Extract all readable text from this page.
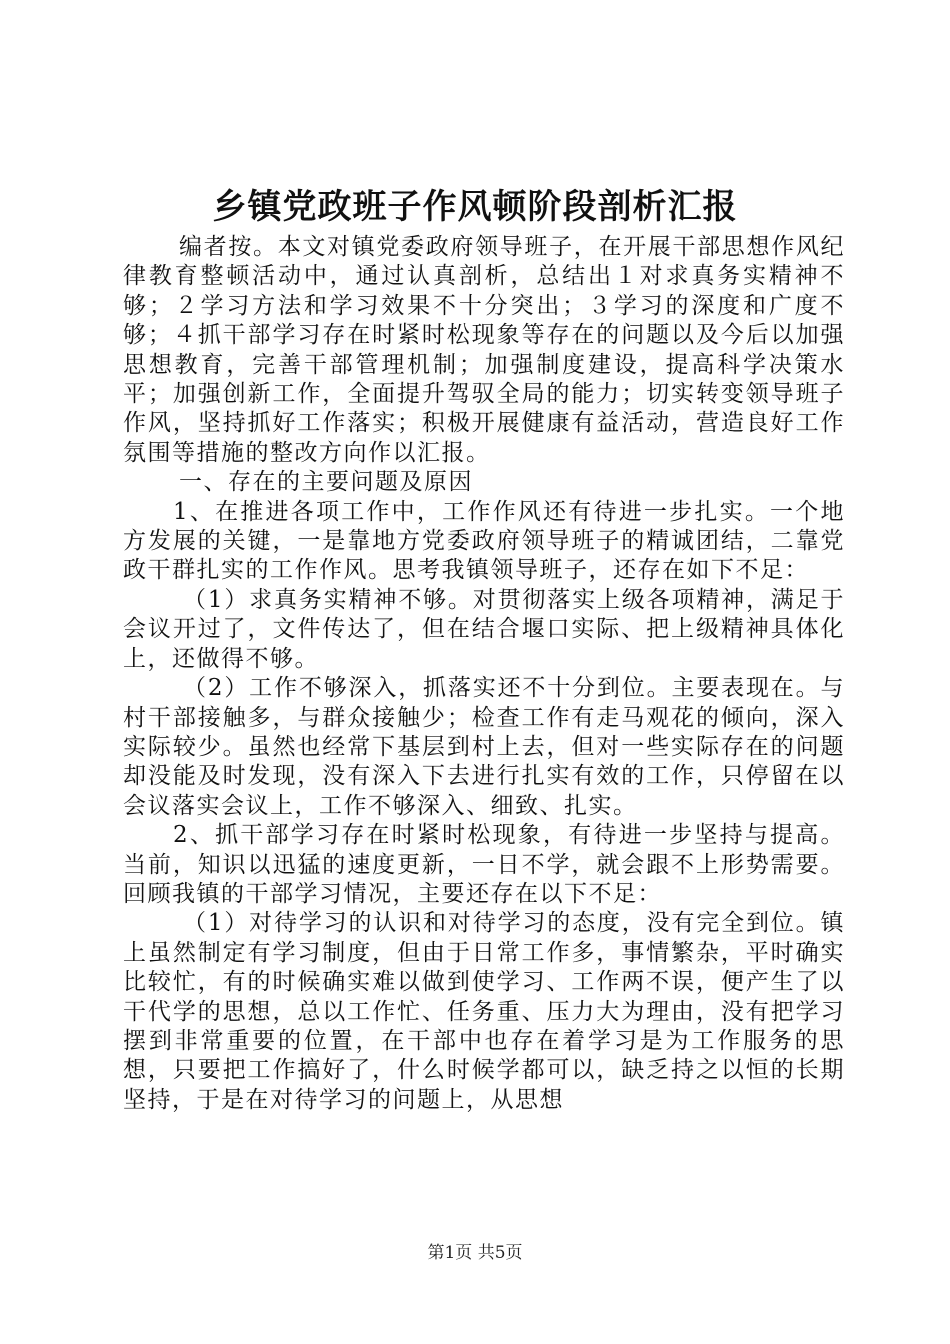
乡镇党政班子作风顿阶段剖析汇报

编者按。本文对镇党委政府领导班子，在开展干部思想作风纪律教育整顿活动中，通过认真剖析，总结出１对求真务实精神不够；２学习方法和学习效果不十分突出；３学习的深度和广度不够；４抓干部学习存在时紧时松现象等存在的问题以及今后以加强思想教育，完善干部管理机制；加强制度建设，提高科学决策水平；加强创新工作，全面提升驾驭全局的能力；切实转变领导班子作风，坚持抓好工作落实；积极开展健康有益活动，营造良好工作氛围等措施的整改方向作以汇报。

一、存在的主要问题及原因

1、在推进各项工作中，工作作风还有待进一步扎实。一个地方发展的关键，一是靠地方党委政府领导班子的精诚团结，二靠党政干群扎实的工作作风。思考我镇领导班子，还存在如下不足：

（1）求真务实精神不够。对贯彻落实上级各项精神，满足于会议开过了，文件传达了，但在结合堰口实际、把上级精神具体化上，还做得不够。

（2）工作不够深入，抓落实还不十分到位。主要表现在。与村干部接触多，与群众接触少；检查工作有走马观花的倾向，深入实际较少。虽然也经常下基层到村上去，但对一些实际存在的问题却没能及时发现，没有深入下去进行扎实有效的工作，只停留在以会议落实会议上，工作不够深入、细致、扎实。

2、抓干部学习存在时紧时松现象，有待进一步坚持与提高。当前，知识以迅猛的速度更新，一日不学，就会跟不上形势需要。回顾我镇的干部学习情况，主要还存在以下不足：

（1）对待学习的认识和对待学习的态度，没有完全到位。镇上虽然制定有学习制度，但由于日常工作多，事情繁杂，平时确实比较忙，有的时候确实难以做到使学习、工作两不误，便产生了以干代学的思想，总以工作忙、任务重、压力大为理由，没有把学习摆到非常重要的位置，在干部中也存在着学习是为工作服务的思想，只要把工作搞好了，什么时候学都可以，缺乏持之以恒的长期坚持，于是在对待学习的问题上，从思想

第1页 共5页
